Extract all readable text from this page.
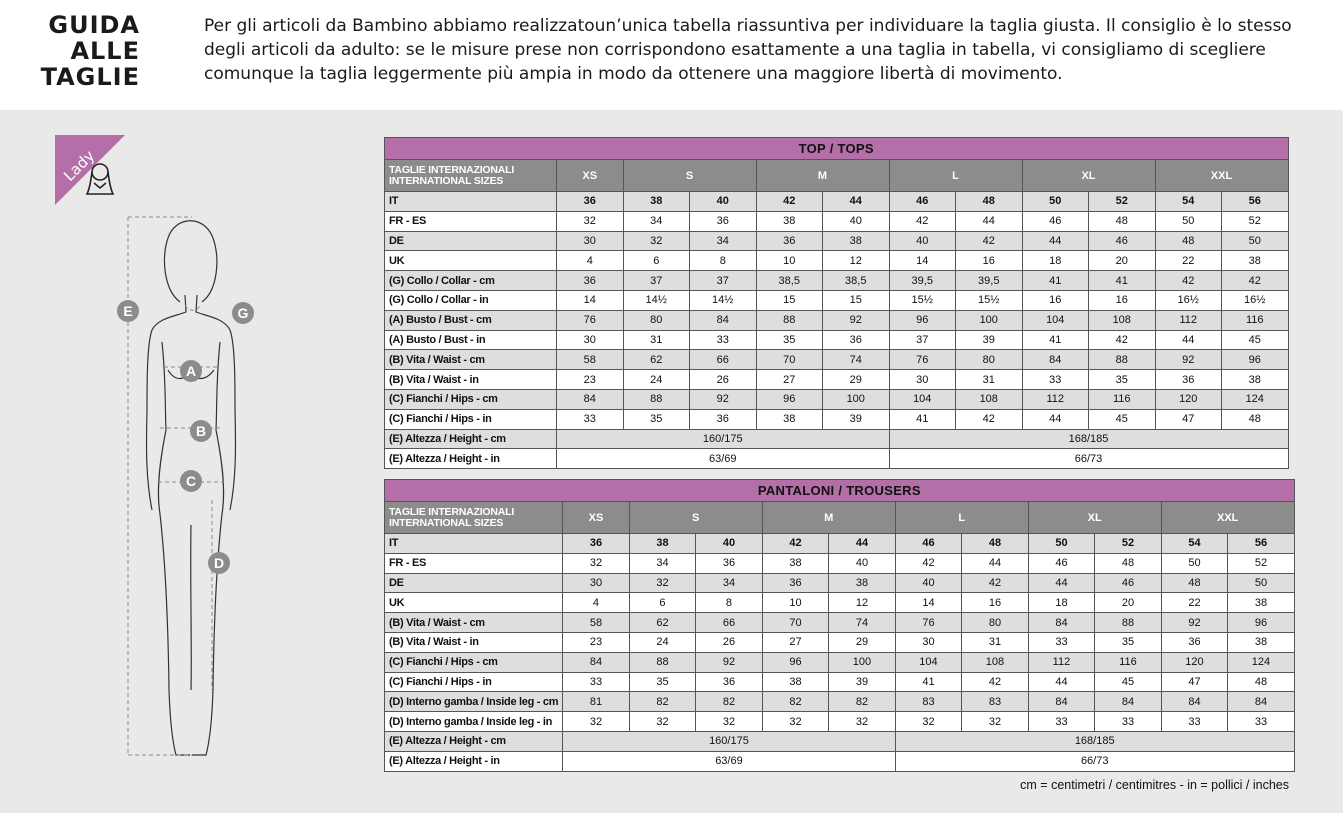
GUIDA
ALLE
TAGLIE

Per gli articoli da Bambino abbiamo realizzatoun’unica tabella riassuntiva per individuare la taglia giusta. Il consiglio è lo stesso degli articoli da adulto: se le misure prese non corrispondono esattamente a una taglia in tabella, vi consigliamo di scegliere comunque la taglia leggermente più ampia in modo da ottenere una maggiore libertà di movimento.

Lady
E	G
A
B
C
D
TOP / TOPS											

TAGLIE INTERNAZIONALI
INTERNATIONAL SIZES	XS	S		M		L		XL		XXL	
IT	36	38	40	42	44	46	48	50	52	54	56
FR - ES	32	34	36	38	40	42	44	46	48	50	52
DE	30	32	34	36	38	40	42	44	46	48	50
UK	4	6	8	10	12	14	16	18	20	22	38
(G) Collo / Collar - cm	36	37	37	38,5	38,5	39,5	39,5	41	41	42	42
(G) Collo / Collar - in	14	14½	14½	15	15	15½	15½	16	16	16½	16½
(A) Busto / Bust - cm	76	80	84	88	92	96	100	104	108	112	116
(A) Busto / Bust - in	30	31	33	35	36	37	39	41	42	44	45
(B) Vita / Waist - cm	58	62	66	70	74	76	80	84	88	92	96
(B) Vita / Waist - in	23	24	26	27	29	30	31	33	35	36	38
(C) Fianchi / Hips - cm	84	88	92	96	100	104	108	112	116	120	124
(C) Fianchi / Hips - in	33	35	36	38	39	41	42	44	45	47	48
(E) Altezza / Height - cm	160/175					168/185					
(E) Altezza / Height - in	63/69					66/73					
PANTALONI / TROUSERS											

TAGLIE INTERNAZIONALI
INTERNATIONAL SIZES	XS	S		M		L		XL		XXL	
IT	36	38	40	42	44	46	48	50	52	54	56
FR - ES	32	34	36	38	40	42	44	46	48	50	52
DE	30	32	34	36	38	40	42	44	46	48	50
UK	4	6	8	10	12	14	16	18	20	22	38
(B) Vita / Waist - cm	58	62	66	70	74	76	80	84	88	92	96
(B) Vita / Waist - in	23	24	26	27	29	30	31	33	35	36	38
(C) Fianchi / Hips - cm	84	88	92	96	100	104	108	112	116	120	124
(C) Fianchi / Hips - in	33	35	36	38	39	41	42	44	45	47	48
(D) Interno gamba / Inside leg - cm	81	82	82	82	82	83	83	84	84	84	84
(D) Interno gamba / Inside leg - in	32	32	32	32	32	32	32	33	33	33	33
(E) Altezza / Height - cm	160/175					168/185					
(E) Altezza / Height - in	63/69					66/73					
cm = centimetri / centimitres - in = pollici / inches
